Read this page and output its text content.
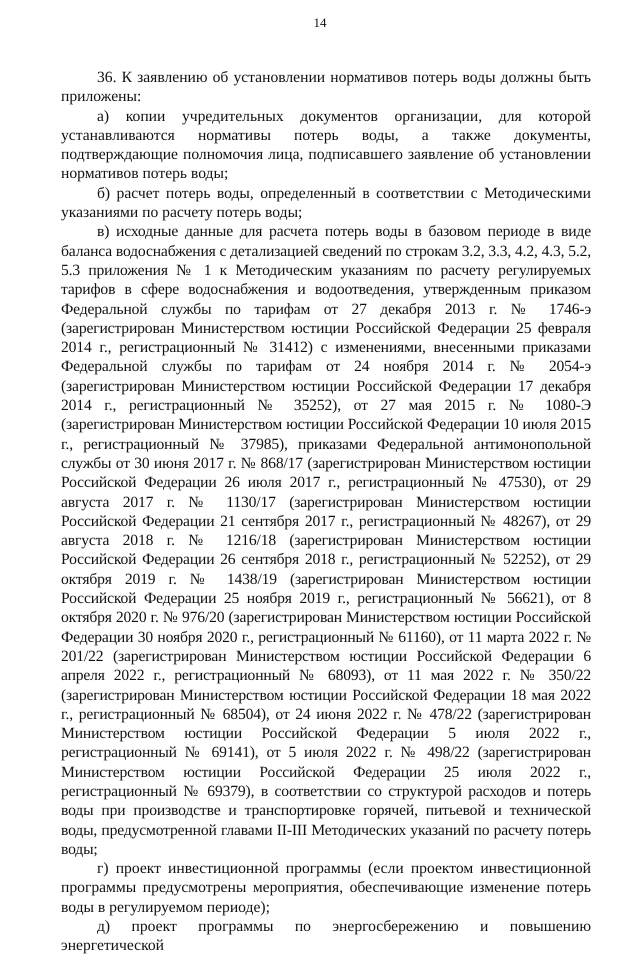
14

36. К заявлению об установлении нормативов потерь воды должны быть приложены:

а) копии учредительных документов организации, для которой устанавливаются нормативы потерь воды, а также документы, подтверждающие полномочия лица, подписавшего заявление об установлении нормативов потерь воды;

б) расчет потерь воды, определенный в соответствии с Методическими указаниями по расчету потерь воды;

в) исходные данные для расчета потерь воды в базовом периоде в виде баланса водоснабжения с детализацией сведений по строкам 3.2, 3.3, 4.2, 4.3, 5.2, 5.3 приложения № 1 к Методическим указаниям по расчету регулируемых тарифов в сфере водоснабжения и водоотведения, утвержденным приказом Федеральной службы по тарифам от 27 декабря 2013 г. № 1746-э (зарегистрирован Министерством юстиции Российской Федерации 25 февраля 2014 г., регистрационный № 31412) с изменениями, внесенными приказами Федеральной службы по тарифам от 24 ноября 2014 г. № 2054-э (зарегистрирован Министерством юстиции Российской Федерации 17 декабря 2014 г., регистрационный № 35252), от 27 мая 2015 г. № 1080-Э (зарегистрирован Министерством юстиции Российской Федерации 10 июля 2015 г., регистрационный № 37985), приказами Федеральной антимонопольной службы от 30 июня 2017 г. № 868/17 (зарегистрирован Министерством юстиции Российской Федерации 26 июля 2017 г., регистрационный № 47530), от 29 августа 2017 г. № 1130/17 (зарегистрирован Министерством юстиции Российской Федерации 21 сентября 2017 г., регистрационный № 48267), от 29 августа 2018 г. № 1216/18 (зарегистрирован Министерством юстиции Российской Федерации 26 сентября 2018 г., регистрационный № 52252), от 29 октября 2019 г. № 1438/19 (зарегистрирован Министерством юстиции Российской Федерации 25 ноября 2019 г., регистрационный № 56621), от 8 октября 2020 г. № 976/20 (зарегистрирован Министерством юстиции Российской Федерации 30 ноября 2020 г., регистрационный № 61160), от 11 марта 2022 г. № 201/22 (зарегистрирован Министерством юстиции Российской Федерации 6 апреля 2022 г., регистрационный № 68093), от 11 мая 2022 г. № 350/22 (зарегистрирован Министерством юстиции Российской Федерации 18 мая 2022 г., регистрационный № 68504), от 24 июня 2022 г. № 478/22 (зарегистрирован Министерством юстиции Российской Федерации 5 июля 2022 г., регистрационный № 69141), от 5 июля 2022 г. № 498/22 (зарегистрирован Министерством юстиции Российской Федерации 25 июля 2022 г., регистрационный № 69379), в соответствии со структурой расходов и потерь воды при производстве и транспортировке горячей, питьевой и технической воды, предусмотренной главами II-III Методических указаний по расчету потерь воды;

г) проект инвестиционной программы (если проектом инвестиционной программы предусмотрены мероприятия, обеспечивающие изменение потерь воды в регулируемом периоде);

д) проект программы по энергосбережению и повышению энергетической
